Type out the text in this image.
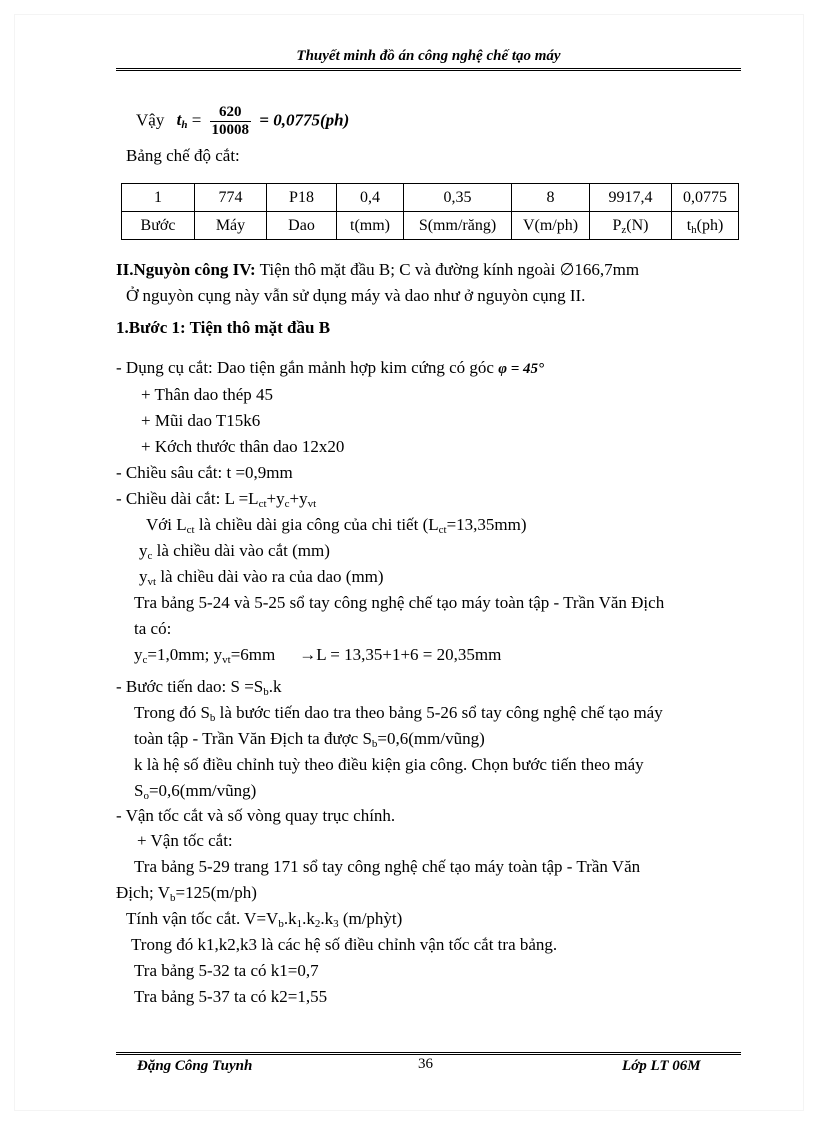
Thuyết minh đồ án công nghệ chế tạo máy
Vậy $t_h = \frac{620}{10008} = 0,0775(ph)$
Bảng chế độ cắt:
1	774	P18	0,4	0,35	8	9917,4	0,0775
Bước	Máy	Dao	t(mm)	S(mm/răng)	V(m/ph)	$P_z(N)$	$t_h(ph)$
II.Nguyòn công IV: Tiện thô mặt đầu B; C và đường kính ngoài ∅166,7mm
Ở nguyòn cụng này vẫn sử dụng máy và dao như ở nguyòn cụng II.
1.Bước 1: Tiện thô mặt đầu B
- Dụng cụ cắt: Dao tiện gắn mảnh hợp kim cứng có góc φ = 45°
+ Thân dao thép 45
+ Mũi dao T15k6
+ Kớch thước thân dao 12x20
- Chiều sâu cắt: t =0,9mm
- Chiều dài cắt: $L =L_{ct}+y_c+y_{vt}$
Với $L_{ct}$ là chiều dài gia công của chi tiết $(L_{ct}=13,35mm)$
$y_c$ là chiều dài vào cắt (mm)
$y_{vt}$ là chiều dài vào ra của dao (mm)
Tra bảng 5-24 và 5-25 sổ tay công nghệ chế tạo máy toàn tập - Trần Văn Địch
ta có:
$y_c=1,0mm$; $y_{vt}=6mm \to L = 13,35+1+6 = 20,35mm$
- Bước tiến dao: $S =S_b.k$
Trong đó $S_b$ là bước tiến dao tra theo bảng 5-26 sổ tay công nghệ chế tạo máy
toàn tập - Trần Văn Địch ta được $S_b=0,6(mm/vũng)$
k là hệ số điều chỉnh tuỳ theo điều kiện gia công. Chọn bước tiến theo máy
$S_o=0,6(mm/vũng)$
- Vận tốc cắt và số vòng quay trục chính.
+ Vận tốc cắt:
Tra bảng 5-29 trang 171 sổ tay công nghệ chế tạo máy toàn tập - Trần Văn
Địch; $V_b=125(m/ph)$
Tính vận tốc cắt. $V=V_b.k_1.k_2.k_3$ (m/phỳt)
Trong đó k1,k2,k3 là các hệ số điều chỉnh vận tốc cắt tra bảng.
Tra bảng 5-32 ta có k1=0,7
Tra bảng 5-37 ta có k2=1,55
Đặng Công Tuynh	36	Lớp LT 06M
